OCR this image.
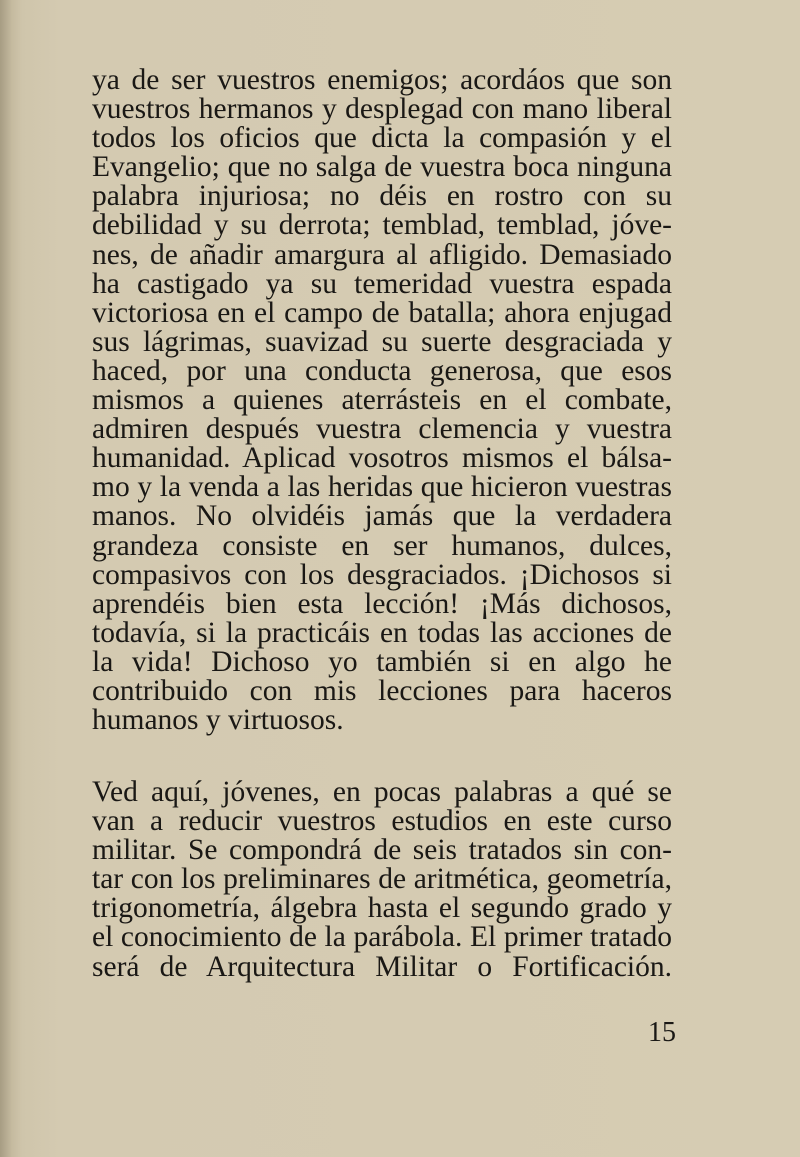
ya de ser vuestros enemigos; acordáos que son
vuestros hermanos y desplegad con mano liberal
todos los oficios que dicta la compasión y el
Evangelio; que no salga de vuestra boca ninguna
palabra injuriosa; no déis en rostro con su
debilidad y su derrota; temblad, temblad, jóve-
nes, de añadir amargura al afligido. Demasiado
ha castigado ya su temeridad vuestra espada
victoriosa en el campo de batalla; ahora enjugad
sus lágrimas, suavizad su suerte desgraciada y
haced, por una conducta generosa, que esos
mismos a quienes aterrásteis en el combate,
admiren después vuestra clemencia y vuestra
humanidad. Aplicad vosotros mismos el bálsa-
mo y la venda a las heridas que hicieron vuestras
manos. No olvidéis jamás que la verdadera
grandeza consiste en ser humanos, dulces,
compasivos con los desgraciados. ¡Dichosos si
aprendéis bien esta lección! ¡Más dichosos,
todavía, si la practicáis en todas las acciones de
la vida! Dichoso yo también si en algo he
contribuido con mis lecciones para haceros
humanos y virtuosos.
Ved aquí, jóvenes, en pocas palabras a qué se
van a reducir vuestros estudios en este curso
militar. Se compondrá de seis tratados sin con-
tar con los preliminares de aritmética, geometría,
trigonometría, álgebra hasta el segundo grado y
el conocimiento de la parábola. El primer tratado
será de Arquitectura Militar o Fortificación.
15
